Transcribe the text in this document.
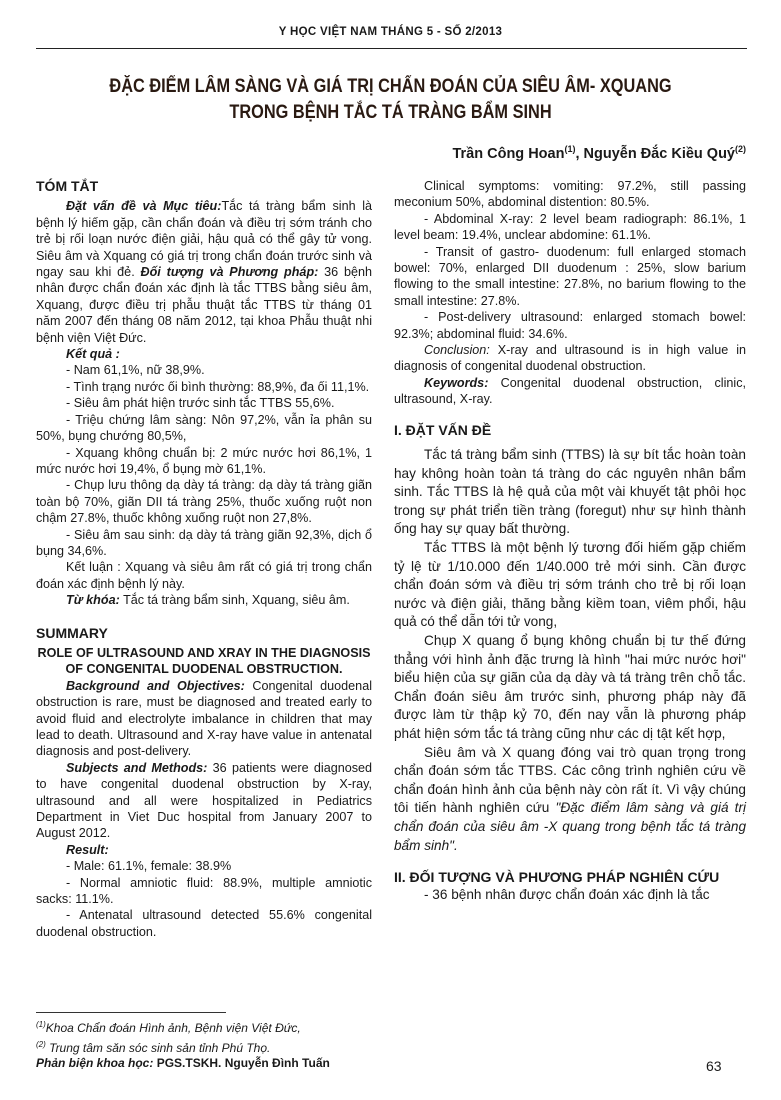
Y HỌC VIỆT NAM THÁNG 5 - SỐ 2/2013
ĐẶC ĐIỂM LÂM SÀNG VÀ GIÁ TRỊ CHẨN ĐOÁN CỦA SIÊU ÂM- XQUANG
TRONG BỆNH TẮC TÁ TRÀNG BẨM SINH
Trần Công Hoan$^{(1)}$, Nguyễn Đắc Kiều Quý$^{(2)}$
TÓM TẮT

Đặt vấn đề và Mục tiêu:Tắc tá tràng bẩm sinh là bệnh lý hiếm gặp, cần chẩn đoán và điều trị sớm tránh cho trẻ bị rối loạn nước điện giải, hậu quả có thể gây tử vong. Siêu âm và Xquang có giá trị trong chẩn đoán trước sinh và ngay sau khi đẻ. Đối tượng và Phương pháp: 36 bệnh nhân được chẩn đoán xác định là tắc TTBS bằng siêu âm, Xquang, được điều trị phẫu thuật tắc TTBS từ tháng 01 năm 2007 đến tháng 08 năm 2012, tại khoa Phẫu thuật nhi bệnh viện Việt Đức.

Kết quả :

- Nam 61,1%, nữ 38,9%.

- Tình trạng nước ối bình thường: 88,9%, đa ối 11,1%.

- Siêu âm phát hiện trước sinh tắc TTBS 55,6%.

- Triệu chứng lâm sàng: Nôn 97,2%, vẫn ỉa phân su 50%, bụng chướng 80,5%,

- Xquang không chuẩn bị: 2 mức nước hơi 86,1%, 1 mức nước hơi 19,4%, ổ bụng mờ 61,1%.

- Chụp lưu thông dạ dày tá tràng: dạ dày tá tràng giãn toàn bộ 70%, giãn DII tá tràng 25%, thuốc xuống ruột non chậm 27.8%, thuốc không xuống ruột non 27,8%.

- Siêu âm sau sinh: dạ dày tá tràng giãn 92,3%, dịch ổ bụng 34,6%.

Kết luận : Xquang và siêu âm rất có giá trị trong chẩn đoán xác định bệnh lý này.

Từ khóa: Tắc tá tràng bẩm sinh, Xquang, siêu âm.

SUMMARY
ROLE OF ULTRASOUND AND XRAY IN THE DIAGNOSIS OF CONGENITAL DUODENAL OBSTRUCTION.

Background and Objectives: Congenital duodenal obstruction is rare, must be diagnosed and treated early to avoid fluid and electrolyte imbalance in children that may lead to death. Ultrasound and X-ray have value in antenatal diagnosis and post-delivery.

Subjects and Methods: 36 patients were diagnosed to have congenital duodenal obstruction by X-ray, ultrasound and all were hospitalized in Pediatrics Department in Viet Duc hospital from January 2007 to August 2012.

Result:

- Male: 61.1%, female: 38.9%

- Normal amniotic fluid: 88.9%, multiple amniotic sacks: 11.1%.

- Antenatal ultrasound detected 55.6% congenital duodenal obstruction.

Clinical symptoms: vomiting: 97.2%, still passing meconium 50%, abdominal distention: 80.5%.

- Abdominal X-ray: 2 level beam radiograph: 86.1%, 1 level beam: 19.4%, unclear abdomine: 61.1%.

- Transit of gastro- duodenum: full enlarged stomach bowel: 70%, enlarged DII duodenum : 25%, slow barium flowing to the small intestine: 27.8%, no barium flowing to the small intestine: 27.8%.

- Post-delivery ultrasound: enlarged stomach bowel: 92.3%; abdominal fluid: 34.6%.

Conclusion: X-ray and ultrasound is in high value in diagnosis of congenital duodenal obstruction.

Keywords: Congenital duodenal obstruction, clinic, ultrasound, X-ray.

I. ĐẶT VẤN ĐỀ

Tắc tá tràng bẩm sinh (TTBS) là sự bít tắc hoàn toàn hay không hoàn toàn tá tràng do các nguyên nhân bẩm sinh. Tắc TTBS là hệ quả của một vài khuyết tật phôi học trong sự phát triển tiền tràng (foregut) như sự hình thành ống hay sự quay bất thường.

Tắc TTBS là một bệnh lý tương đối hiếm gặp chiếm tỷ lệ từ 1/10.000 đến 1/40.000 trẻ mới sinh. Cần được chẩn đoán sớm và điều trị sớm tránh cho trẻ bị rối loạn nước và điện giải, thăng bằng kiềm toan, viêm phổi, hậu quả có thể dẫn tới tử vong,

Chụp X quang ổ bụng không chuẩn bị tư thế đứng thẳng với hình ảnh đặc trưng là hình "hai mức nước hơi" biểu hiện của sự giãn của dạ dày và tá tràng trên chỗ tắc. Chẩn đoán siêu âm trước sinh, phương pháp này đã được làm từ thập kỷ 70, đến nay vẫn là phương pháp phát hiện sớm tắc tá tràng cũng như các dị tật kết hợp,

Siêu âm và X quang đóng vai trò quan trọng trong chẩn đoán sớm tắc TTBS. Các công trình nghiên cứu về chẩn đoán hình ảnh của bệnh này còn rất ít. Vì vậy chúng tôi tiến hành nghiên cứu "Đặc điểm lâm sàng và giá trị chẩn đoán của siêu âm -X quang trong bệnh tắc tá tràng bẩm sinh".

II. ĐỐI TƯỢNG VÀ PHƯƠNG PHÁP NGHIÊN CỨU

- 36 bệnh nhân được chẩn đoán xác định là tắc

$^{(1)}$Khoa Chẩn đoán Hình ảnh, Bệnh viện Việt Đức,
$^{(2)}$ Trung tâm săn sóc sinh sản tỉnh Phú Thọ.
Phản biện khoa học: PGS.TSKH. Nguyễn Đình Tuấn	63
